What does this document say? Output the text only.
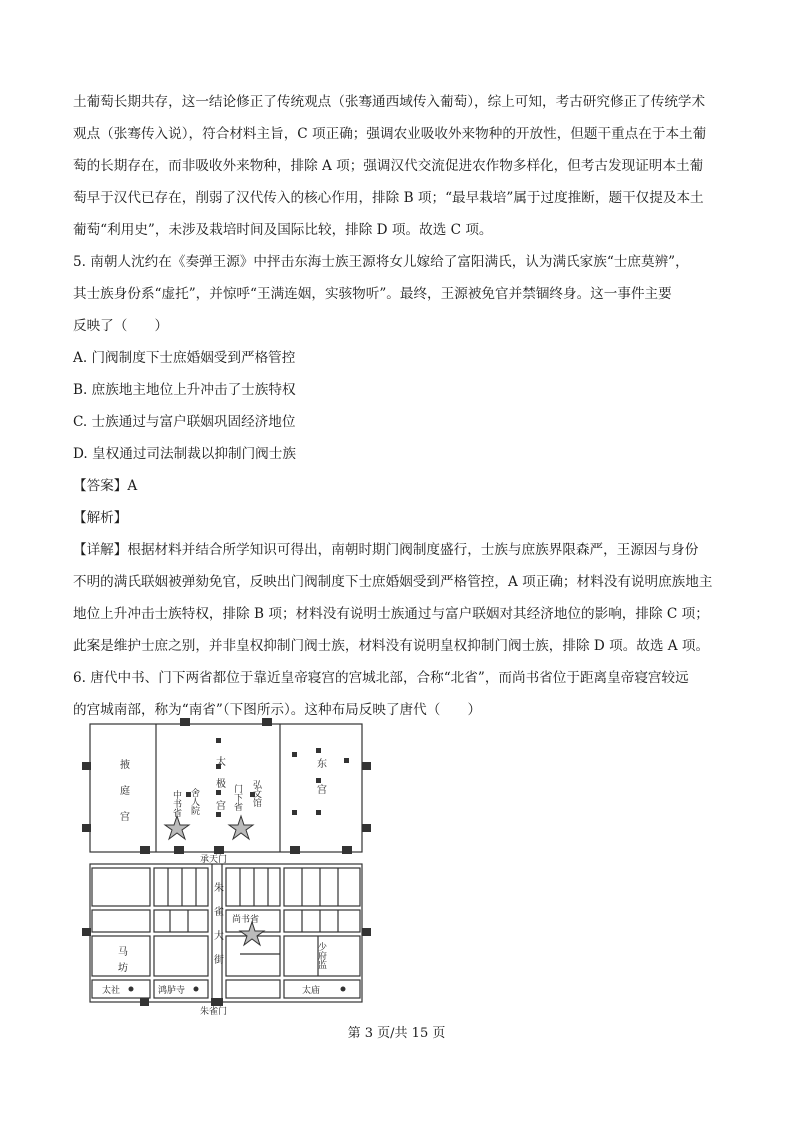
土葡萄长期共存，这一结论修正了传统观点（张骞通西域传入葡萄），综上可知，考古研究修正了传统学术
观点（张骞传入说），符合材料主旨，C 项正确；强调农业吸收外来物种的开放性，但题干重点在于本土葡
萄的长期存在，而非吸收外来物种，排除 A 项；强调汉代交流促进农作物多样化，但考古发现证明本土葡
萄早于汉代已存在，削弱了汉代传入的核心作用，排除 B 项；“最早栽培”属于过度推断，题干仅提及本土
葡萄“利用史”，未涉及栽培时间及国际比较，排除 D 项。故选 C 项。
5. 南朝人沈约在《奏弹王源》中抨击东海士族王源将女儿嫁给了富阳满氏，认为满氏家族“士庶莫辨”，
其士族身份系“虚托”，并惊呼“王满连姻，实骇物听”。最终，王源被免官并禁锢终身。这一事件主要
反映了（　　）
A. 门阀制度下士庶婚姻受到严格管控
B. 庶族地主地位上升冲击了士族特权
C. 士族通过与富户联姻巩固经济地位
D. 皇权通过司法制裁以抑制门阀士族
【答案】A
【解析】
【详解】根据材料并结合所学知识可得出，南朝时期门阀制度盛行，士族与庶族界限森严，王源因与身份
不明的满氏联姻被弹劾免官，反映出门阀制度下士庶婚姻受到严格管控，A 项正确；材料没有说明庶族地主
地位上升冲击士族特权，排除 B 项；材料没有说明士族通过与富户联姻对其经济地位的影响，排除 C 项；
此案是维护士庶之别，并非皇权抑制门阀士族，材料没有说明皇权抑制门阀士族，排除 D 项。故选 A 项。
6. 唐代中书、门下两省都位于靠近皇帝寝宫的宫城北部，合称“北省”，而尚书省位于距离皇帝寝宫较远
的宫城南部，称为“南省”（下图所示）。这种布局反映了唐代（　　）
掖庭宫	太极宫	东宫
中书省 舍人院	门下省 弘文馆
承天门
朱雀大街 尚书省
马坊	少府监
太社	鸿胪寺	太庙
朱雀门
第 3 页/共 15 页
